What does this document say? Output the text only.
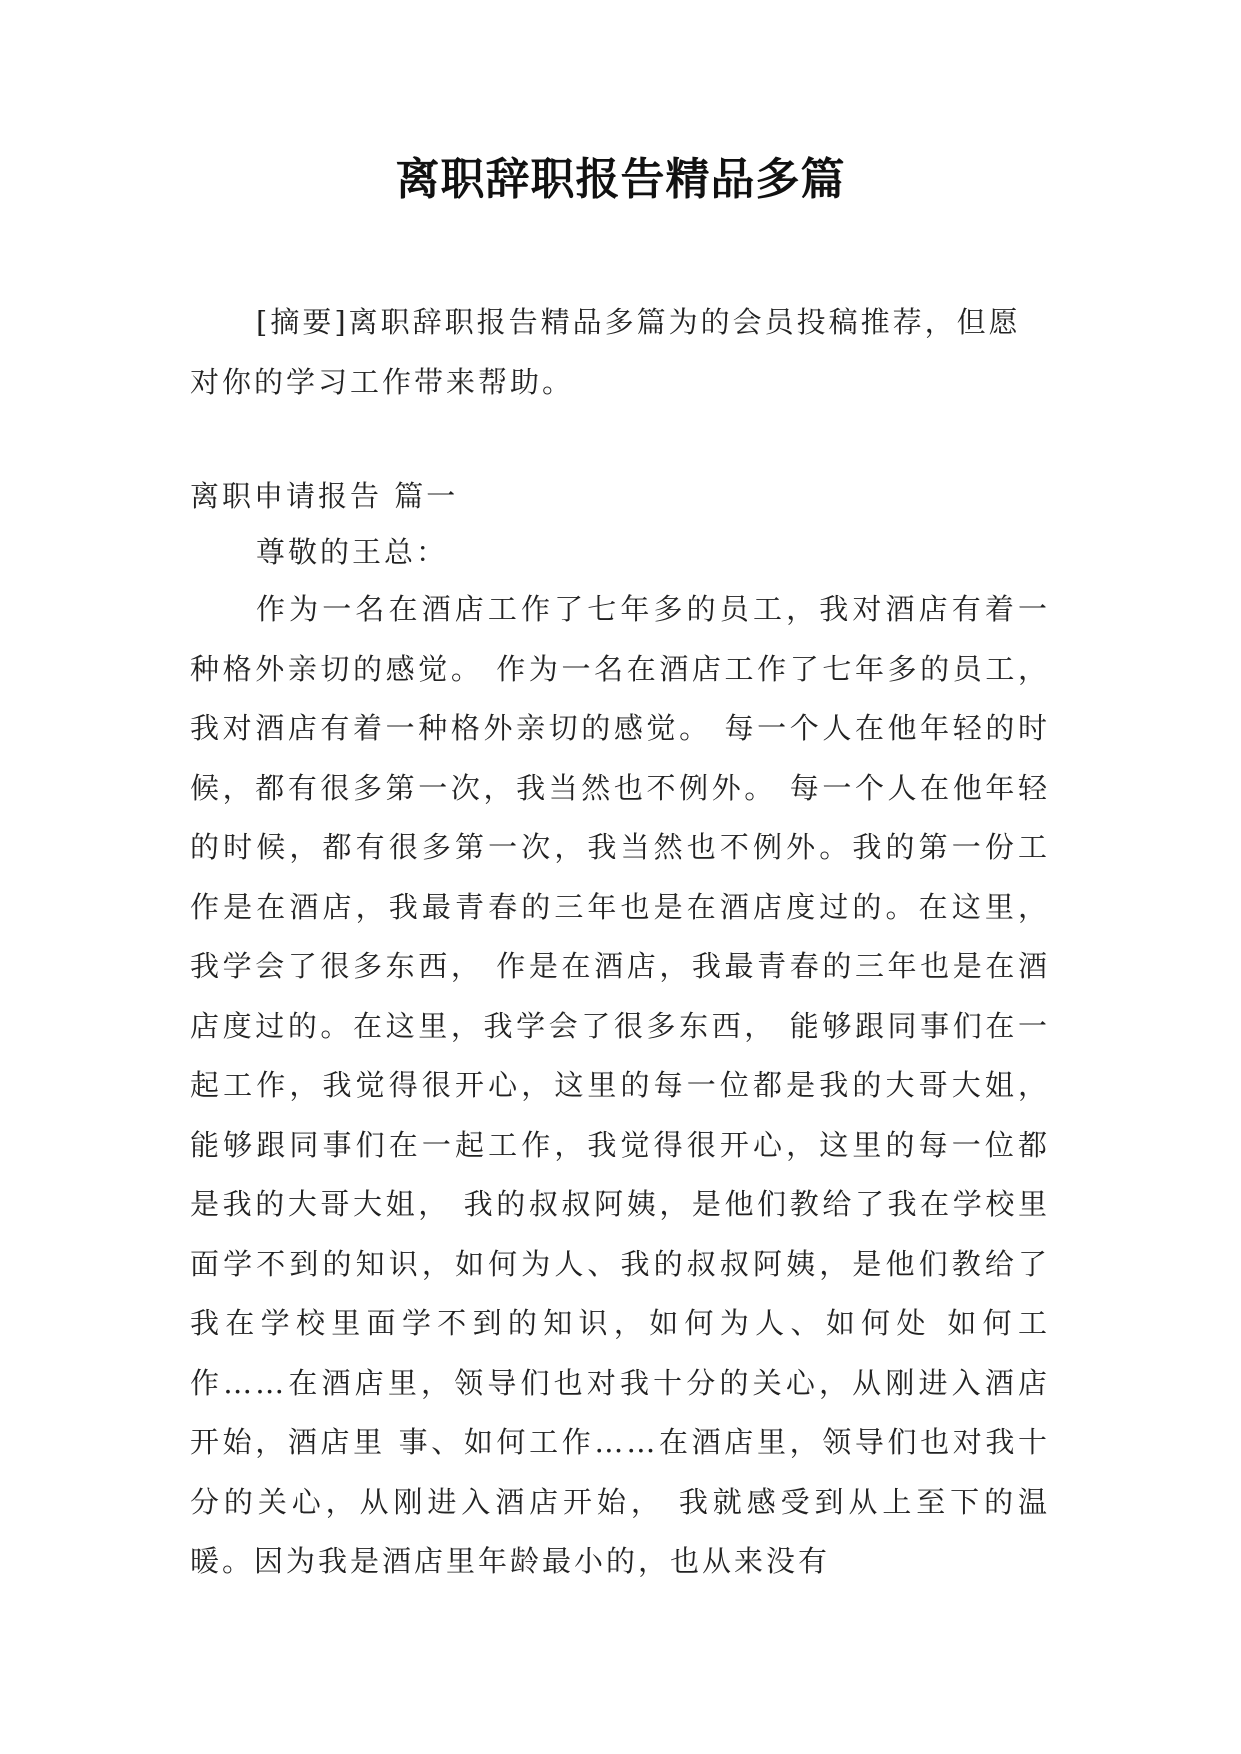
离职辞职报告精品多篇

[摘要]离职辞职报告精品多篇为的会员投稿推荐，但愿对你的学习工作带来帮助。

离职申请报告 篇一

尊敬的王总：

作为一名在酒店工作了七年多的员工，我对酒店有着一种格外亲切的感觉。 作为一名在酒店工作了七年多的员工，我对酒店有着一种格外亲切的感觉。 每一个人在他年轻的时候，都有很多第一次，我当然也不例外。 每一个人在他年轻的时候，都有很多第一次，我当然也不例外。我的第一份工 作是在酒店，我最青春的三年也是在酒店度过的。在这里，我学会了很多东西， 作是在酒店，我最青春的三年也是在酒店度过的。在这里，我学会了很多东西， 能够跟同事们在一起工作，我觉得很开心，这里的每一位都是我的大哥大姐， 能够跟同事们在一起工作，我觉得很开心，这里的每一位都是我的大哥大姐， 我的叔叔阿姨，是他们教给了我在学校里面学不到的知识，如何为人、我的叔叔阿姨，是他们教给了我在学校里面学不到的知识，如何为人、如何处 如何工作……在酒店里，领导们也对我十分的关心，从刚进入酒店开始，酒店里 事、如何工作……在酒店里，领导们也对我十分的关心，从刚进入酒店开始， 我就感受到从上至下的温暖。因为我是酒店里年龄最小的，也从来没有
